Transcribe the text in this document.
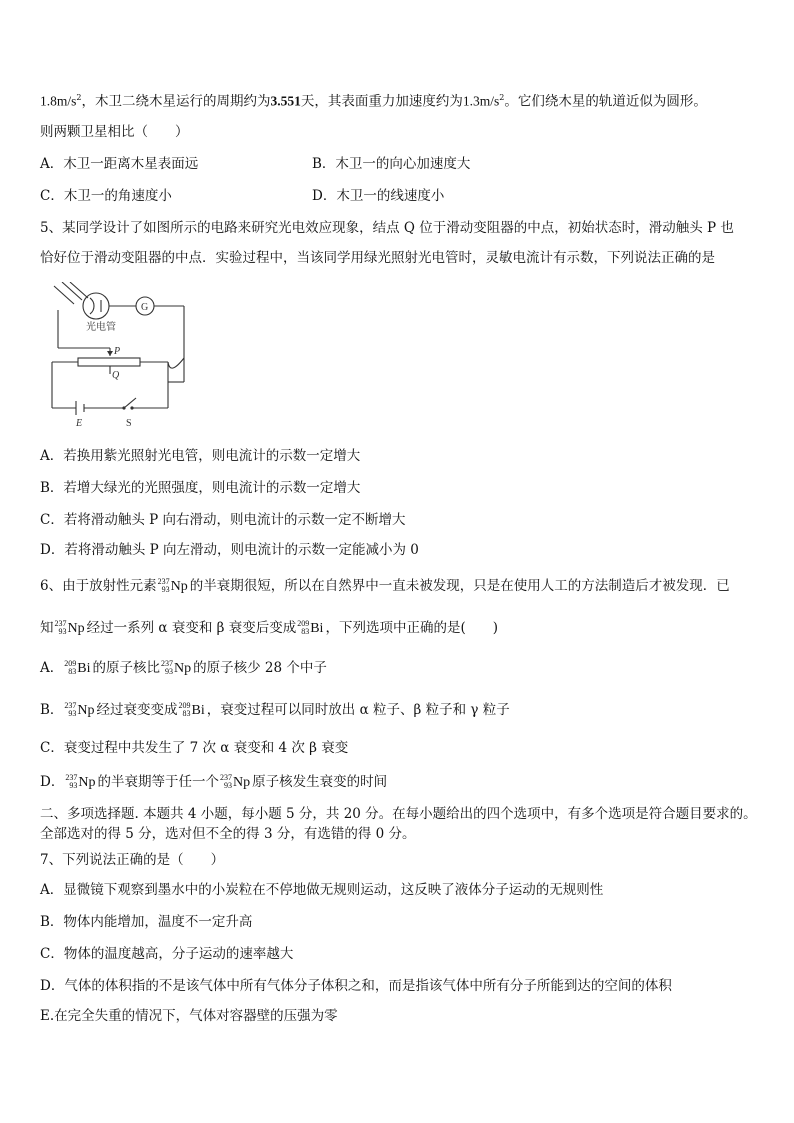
$1.8m/s^2$，木卫二绕木星运行的周期约为3.551天，其表面重力加速度约为$1.3m/s^2$。它们绕木星的轨道近似为圆形。
则两颗卫星相比（　　）
A．木卫一距离木星表面远	B．木卫一的向心加速度大
C．木卫一的角速度小	D．木卫一的线速度小
5、某同学设计了如图所示的电路来研究光电效应现象，结点 Q 位于滑动变阻器的中点，初始状态时，滑动触头 P 也
恰好位于滑动变阻器的中点．实验过程中，当该同学用绿光照射光电管时，灵敏电流计有示数，下列说法正确的是
光电管
G
P
Q
E	S
A．若换用紫光照射光电管，则电流计的示数一定增大
B．若增大绿光的光照强度，则电流计的示数一定增大
C．若将滑动触头 P 向右滑动，则电流计的示数一定不断增大
D．若将滑动触头 P 向左滑动，则电流计的示数一定能减小为 0
6、由于放射性元素 237
93 Np 的半衰期很短，所以在自然界中一直未被发现，只是在使用人工的方法制造后才被发现．已
知 237
93 Np 经过一系列 α 衰变和 β 衰变后变成 209
83 Bi ，下列选项中正确的是(　　)
A． 209
83 Bi 的原子核比 237
93 Np 的原子核少 28 个中子
B． 237
93 Np 经过衰变变成 209
83 Bi ，衰变过程可以同时放出 α 粒子、β 粒子和 γ 粒子
C．衰变过程中共发生了 7 次 α 衰变和 4 次 β 衰变
D． 237
93 Np 的半衰期等于任一个 237
93 Np 原子核发生衰变的时间
二、多项选择题. 本题共 4 小题，每小题 5 分，共 20 分。在每小题给出的四个选项中，有多个选项是符合题目要求的。
全部选对的得 5 分，选对但不全的得 3 分，有选错的得 0 分。
7、下列说法正确的是（　　）
A．显微镜下观察到墨水中的小炭粒在不停地做无规则运动，这反映了液体分子运动的无规则性
B．物体内能增加，温度不一定升高
C．物体的温度越高，分子运动的速率越大
D．气体的体积指的不是该气体中所有气体分子体积之和，而是指该气体中所有分子所能到达的空间的体积
E.在完全失重的情况下，气体对容器壁的压强为零
